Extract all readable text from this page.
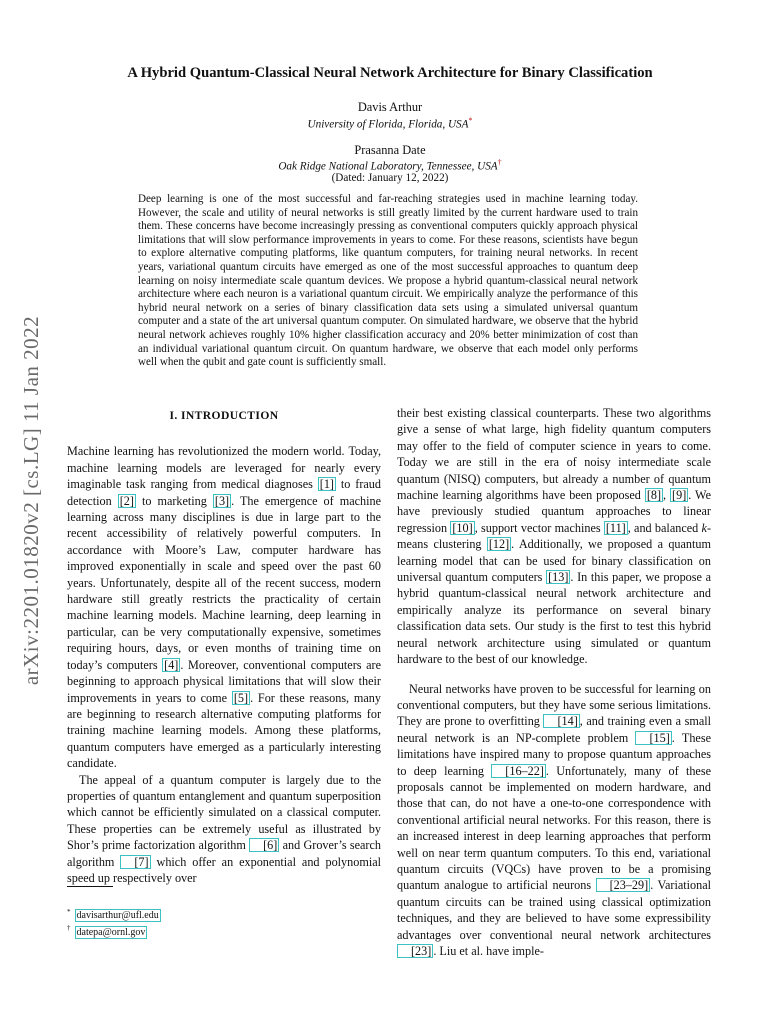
arXiv:2201.01820v2 [cs.LG] 11 Jan 2022
A Hybrid Quantum-Classical Neural Network Architecture for Binary Classification
Davis Arthur
University of Florida, Florida, USA*
Prasanna Date
Oak Ridge National Laboratory, Tennessee, USA†
(Dated: January 12, 2022)
Deep learning is one of the most successful and far-reaching strategies used in machine learning today. However, the scale and utility of neural networks is still greatly limited by the current hardware used to train them. These concerns have become increasingly pressing as conventional computers quickly approach physical limitations that will slow performance improvements in years to come. For these reasons, scientists have begun to explore alternative computing platforms, like quantum computers, for training neural networks. In recent years, variational quantum circuits have emerged as one of the most successful approaches to quantum deep learning on noisy intermediate scale quantum devices. We propose a hybrid quantum-classical neural network architecture where each neuron is a variational quantum circuit. We empirically analyze the performance of this hybrid neural network on a series of binary classification data sets using a simulated universal quantum computer and a state of the art universal quantum computer. On simulated hardware, we observe that the hybrid neural network achieves roughly 10% higher classification accuracy and 20% better minimization of cost than an individual variational quantum circuit. On quantum hardware, we observe that each model only performs well when the qubit and gate count is sufficiently small.
I. INTRODUCTION

Machine learning has revolutionized the modern world. Today, machine learning models are leveraged for nearly every imaginable task ranging from medical diagnoses [1] to fraud detection [2] to marketing [3] . The emergence of machine learning across many disciplines is due in large part to the recent accessibility of relatively powerful computers. In accordance with Moore’s Law, computer hardware has improved exponentially in scale and speed over the past 60 years. Unfortunately, despite all of the recent success, modern hardware still greatly restricts the practicality of certain machine learning models. Machine learning, deep learning in particular, can be very computationally expensive, sometimes requiring hours, days, or even months of training time on today’s computers [4] . Moreover, conventional computers are beginning to approach physical limitations that will slow their improvements in years to come [5] . For these reasons, many are beginning to research alternative computing platforms for training machine learning models. Among these platforms, quantum computers have emerged as a particularly interesting candidate.

The appeal of a quantum computer is largely due to the properties of quantum entanglement and quantum superposition which cannot be efficiently simulated on a classical computer. These properties can be extremely useful as illustrated by Shor’s prime factorization algorithm [6] and Grover’s search algorithm [7] which offer an exponential and polynomial speed up respectively over

their best existing classical counterparts. These two algorithms give a sense of what large, high fidelity quantum computers may offer to the field of computer science in years to come. Today we are still in the era of noisy intermediate scale quantum (NISQ) computers, but already a number of quantum machine learning algorithms have been proposed [8] , [9] . We have previously studied quantum approaches to linear regression [10] , support vector machines [11] , and balanced k-means clustering [12] . Additionally, we proposed a quantum learning model that can be used for binary classification on universal quantum computers [13] . In this paper, we propose a hybrid quantum-classical neural network architecture and empirically analyze its performance on several binary classification data sets. Our study is the first to test this hybrid neural network architecture using simulated or quantum hardware to the best of our knowledge.

Neural networks have proven to be successful for learning on conventional computers, but they have some serious limitations. They are prone to overfitting [14] , and training even a small neural network is an NP-complete problem [15] . These limitations have inspired many to propose quantum approaches to deep learning [16–22] . Unfortunately, many of these proposals cannot be implemented on modern hardware, and those that can, do not have a one-to-one correspondence with conventional artificial neural networks. For this reason, there is an increased interest in deep learning approaches that perform well on near term quantum computers. To this end, variational quantum circuits (VQCs) have proven to be a promising quantum analogue to artificial neurons [23–29] . Variational quantum circuits can be trained using classical optimization techniques, and they are believed to have some expressibility advantages over conventional neural network architectures [23] . Liu et al. have imple-

* davisarthur@ufl.edu
† datepa@ornl.gov
